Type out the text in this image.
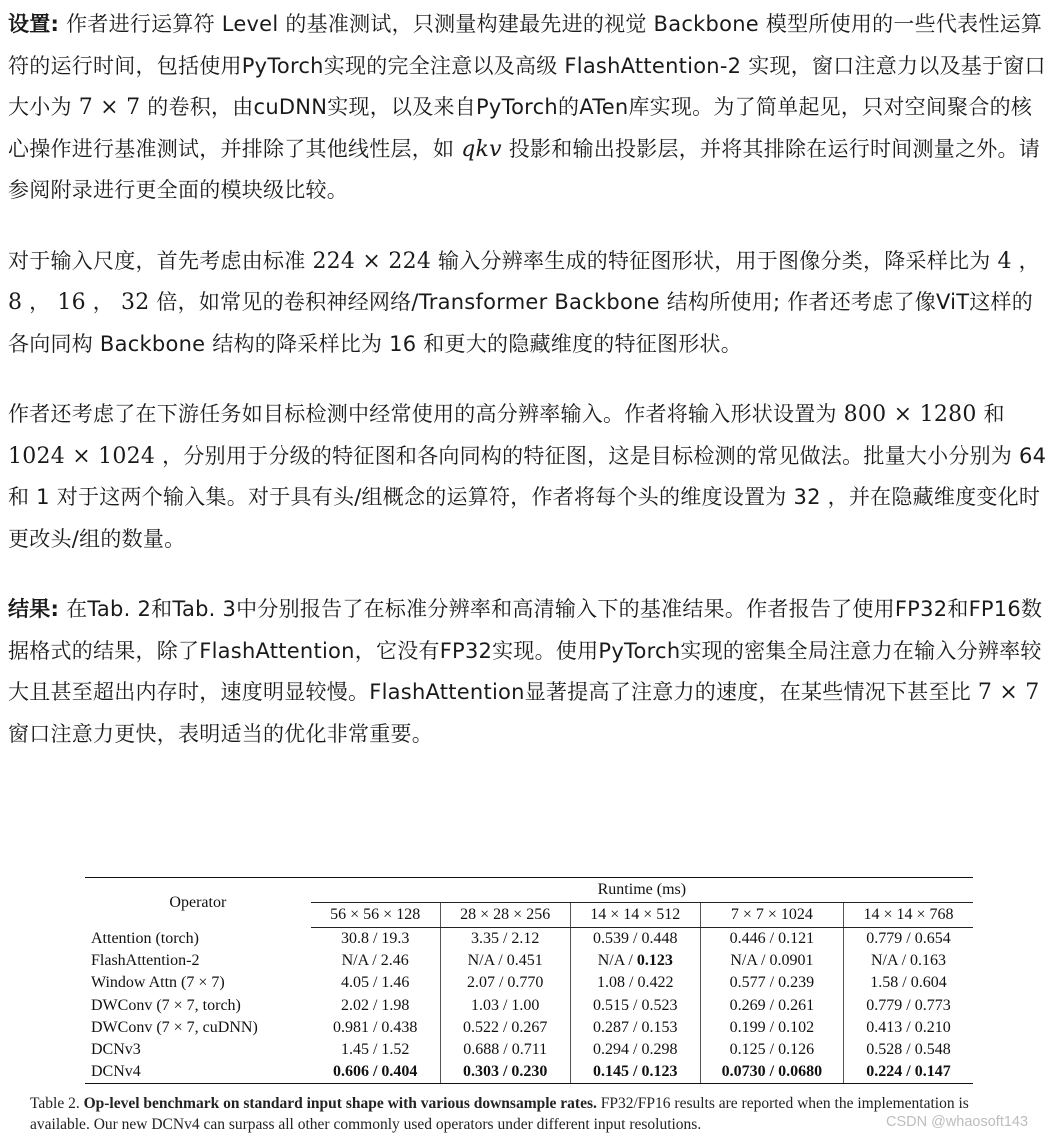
设置: 作者进行运算符 Level 的基准测试，只测量构建最先进的视觉 Backbone 模型所使用的一些代表性运算符的运行时间，包括使用PyTorch实现的完全注意以及高级 FlashAttention-2 实现，窗口注意力以及基于窗口大小为 7 × 7 的卷积，由cuDNN实现，以及来自PyTorch的ATen库实现。为了简单起见，只对空间聚合的核心操作进行基准测试，并排除了其他线性层，如 qkv 投影和输出投影层，并将其排除在运行时间测量之外。请参阅附录进行更全面的模块级比较。

对于输入尺度，首先考虑由标准 224 × 224 输入分辨率生成的特征图形状，用于图像分类，降采样比为 4 ， 8 ， 16 ， 32 倍，如常见的卷积神经网络/Transformer Backbone 结构所使用; 作者还考虑了像ViT这样的各向同构 Backbone 结构的降采样比为 16 和更大的隐藏维度的特征图形状。

作者还考虑了在下游任务如目标检测中经常使用的高分辨率输入。作者将输入形状设置为 800 × 1280 和 1024 × 1024 ，分别用于分级的特征图和各向同构的特征图，这是目标检测的常见做法。批量大小分别为 64 和 1 对于这两个输入集。对于具有头/组概念的运算符，作者将每个头的维度设置为 32 ，并在隐藏维度变化时更改头/组的数量。

结果: 在Tab. 2和Tab. 3中分别报告了在标准分辨率和高清输入下的基准结果。作者报告了使用FP32和FP16数据格式的结果，除了FlashAttention，它没有FP32实现。使用PyTorch实现的密集全局注意力在输入分辨率较大且甚至超出内存时，速度明显较慢。FlashAttention显著提高了注意力的速度，在某些情况下甚至比 7 × 7 窗口注意力更快，表明适当的优化非常重要。

Operator	Runtime (ms)				
	56 × 56 × 128	28 × 28 × 256	14 × 14 × 512	7 × 7 × 1024	14 × 14 × 768
Attention (torch)	30.8 / 19.3	3.35 / 2.12	0.539 / 0.448	0.446 / 0.121	0.779 / 0.654
FlashAttention-2	N/A / 2.46	N/A / 0.451	N/A / 0.123	N/A / 0.0901	N/A / 0.163
Window Attn (7 × 7)	4.05 / 1.46	2.07 / 0.770	1.08 / 0.422	0.577 / 0.239	1.58 / 0.604
DWConv (7 × 7, torch)	2.02 / 1.98	1.03 / 1.00	0.515 / 0.523	0.269 / 0.261	0.779 / 0.773
DWConv (7 × 7, cuDNN)	0.981 / 0.438	0.522 / 0.267	0.287 / 0.153	0.199 / 0.102	0.413 / 0.210
DCNv3	1.45 / 1.52	0.688 / 0.711	0.294 / 0.298	0.125 / 0.126	0.528 / 0.548
DCNv4	0.606 / 0.404	0.303 / 0.230	0.145 / 0.123	0.0730 / 0.0680	0.224 / 0.147
Table 2. Op-level benchmark on standard input shape with various downsample rates. FP32/FP16 results are reported when the implementation is available. Our new DCNv4 can surpass all other commonly used operators under different input resolutions.	CSDN @whaosoft143
